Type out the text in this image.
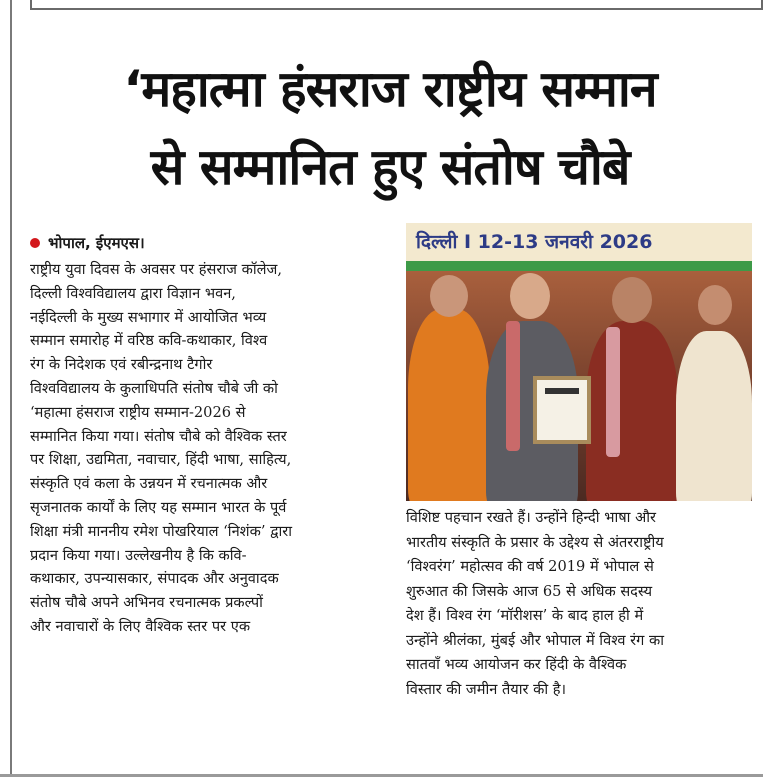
‘महात्मा हंसराज राष्ट्रीय सम्मान
से सम्मानित हुए संतोष चौबे
भोपाल, ईएमएस।
राष्ट्रीय युवा दिवस के अवसर पर हंसराज कॉलेज,
दिल्ली विश्वविद्यालय द्वारा विज्ञान भवन,
नईदिल्ली के मुख्य सभागार में आयोजित भव्य
सम्मान समारोह में वरिष्ठ कवि-कथाकार, विश्व
रंग के निदेशक एवं रबीन्द्रनाथ टैगोर
विश्वविद्यालय के कुलाधिपति संतोष चौबे जी को
‘महात्मा हंसराज राष्ट्रीय सम्मान-2026 से
सम्मानित किया गया। संतोष चौबे को वैश्विक स्तर
पर शिक्षा, उद्यमिता, नवाचार, हिंदी भाषा, साहित्य,
संस्कृति एवं कला के उन्नयन में रचनात्मक और
सृजनातक कार्यों के लिए यह सम्मान भारत के पूर्व
शिक्षा मंत्री माननीय रमेश पोखरियाल ‘निशंक’ द्वारा
प्रदान किया गया। उल्लेखनीय है कि कवि-
कथाकार, उपन्यासकार, संपादक और अनुवादक
संतोष चौबे अपने अभिनव रचनात्मक प्रकल्पों
और नवाचारों के लिए वैश्विक स्तर पर एक
दिल्ली I 12-13 जनवरी 2026
विशिष्ट पहचान रखते हैं। उन्होंने हिन्दी भाषा और
भारतीय संस्कृति के प्रसार के उद्देश्य से अंतरराष्ट्रीय
‘विश्वरंग’ महोत्सव की वर्ष 2019 में भोपाल से
शुरुआत की जिसके आज 65 से अधिक सदस्य
देश हैं। विश्व रंग ‘मॉरीशस’ के बाद हाल ही में
उन्होंने श्रीलंका, मुंबई और भोपाल में विश्व रंग का
सातवाँ भव्य आयोजन कर हिंदी के वैश्विक
विस्तार की जमीन तैयार की है।
